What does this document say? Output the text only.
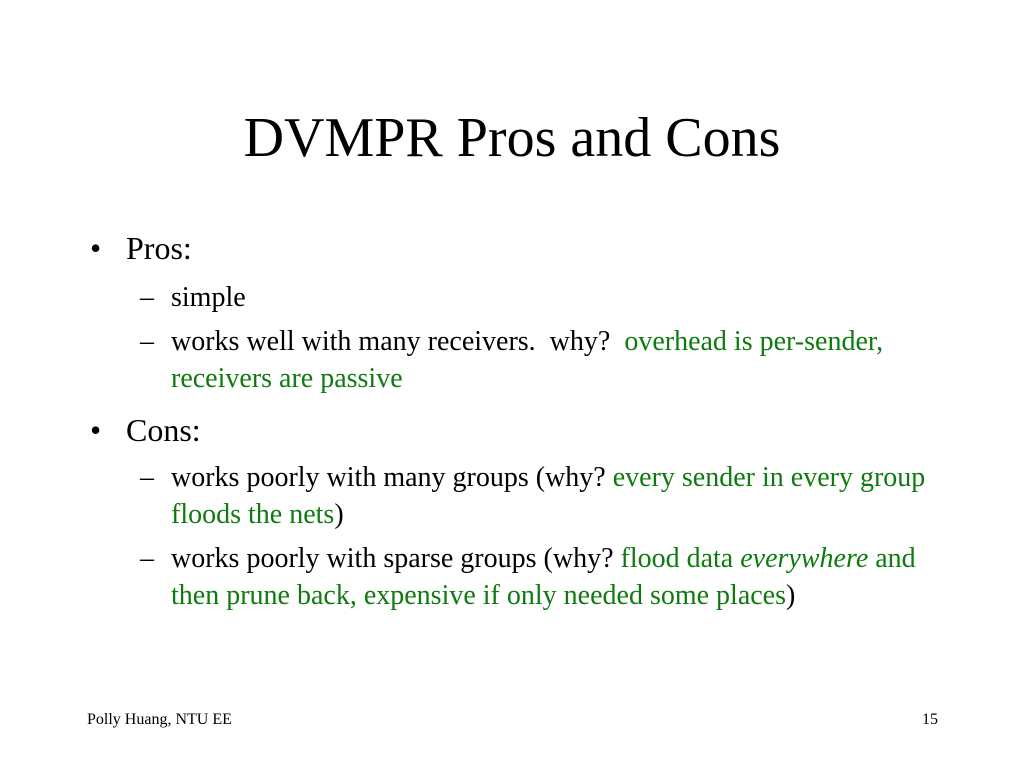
DVMPR Pros and Cons
• Pros:
– simple
– works well with many receivers.  why?  overhead is per-sender, receivers are passive
• Cons:
– works poorly with many groups (why? every sender in every group floods the nets)
– works poorly with sparse groups (why? flood data everywhere and then prune back, expensive if only needed some places)
Polly Huang, NTU EE	15
